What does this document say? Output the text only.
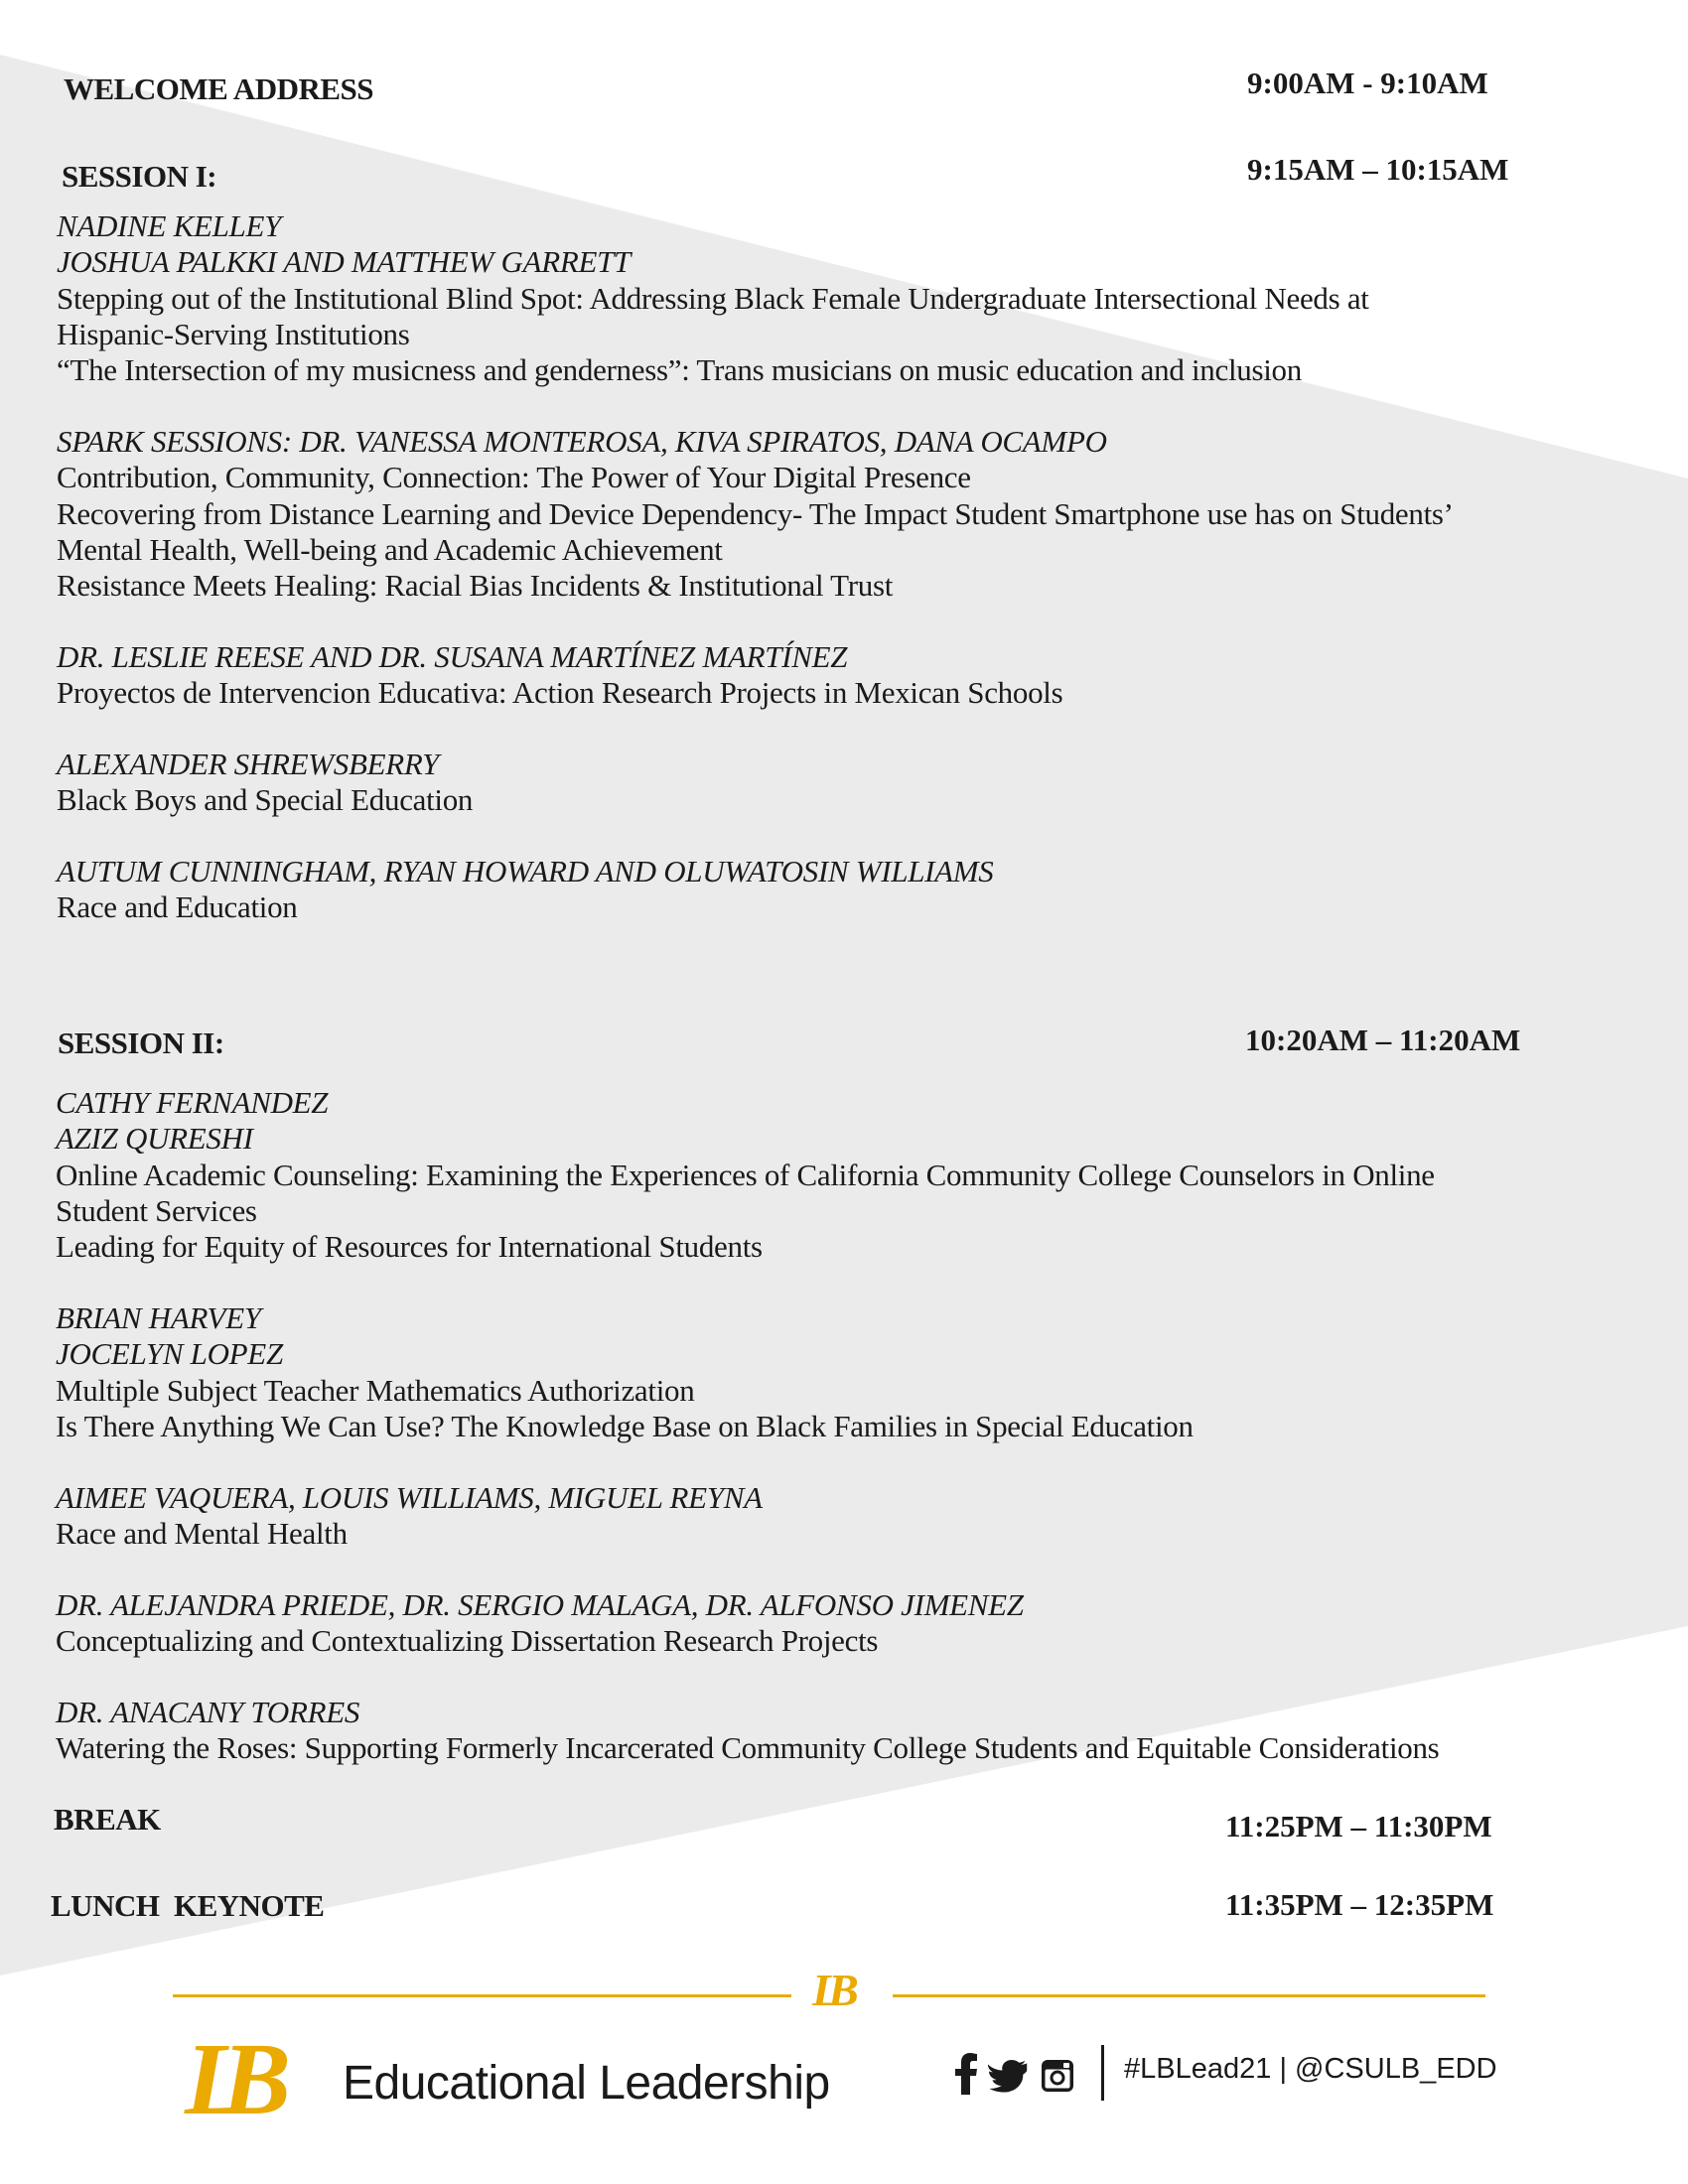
WELCOME ADDRESS	9:00AM - 9:10AM
SESSION I:	9:15AM – 10:15AM
NADINE KELLEY
JOSHUA PALKKI AND MATTHEW GARRETT
Stepping out of the Institutional Blind Spot: Addressing Black Female Undergraduate Intersectional Needs at
Hispanic-Serving Institutions
“The Intersection of my musicness and genderness”: Trans musicians on music education and inclusion
SPARK SESSIONS: DR. VANESSA MONTEROSA, KIVA SPIRATOS, DANA OCAMPO
Contribution, Community, Connection: The Power of Your Digital Presence
Recovering from Distance Learning and Device Dependency- The Impact Student Smartphone use has on Students’
Mental Health, Well-being and Academic Achievement
Resistance Meets Healing: Racial Bias Incidents & Institutional Trust
DR. LESLIE REESE AND DR. SUSANA MARTÍNEZ MARTÍNEZ
Proyectos de Intervencion Educativa: Action Research Projects in Mexican Schools
ALEXANDER SHREWSBERRY
Black Boys and Special Education
AUTUM CUNNINGHAM, RYAN HOWARD AND OLUWATOSIN WILLIAMS
Race and Education
SESSION II:	10:20AM – 11:20AM
CATHY FERNANDEZ
AZIZ QURESHI
Online Academic Counseling: Examining the Experiences of California Community College Counselors in Online
Student Services
Leading for Equity of Resources for International Students
BRIAN HARVEY
JOCELYN LOPEZ
Multiple Subject Teacher Mathematics Authorization
Is There Anything We Can Use? The Knowledge Base on Black Families in Special Education
AIMEE VAQUERA, LOUIS WILLIAMS, MIGUEL REYNA
Race and Mental Health
DR. ALEJANDRA PRIEDE, DR. SERGIO MALAGA, DR. ALFONSO JIMENEZ
Conceptualizing and Contextualizing Dissertation Research Projects
DR. ANACANY TORRES
Watering the Roses: Supporting Formerly Incarcerated Community College Students and Equitable Considerations
BREAK	11:25PM – 11:30PM
LUNCH  KEYNOTE	11:35PM – 12:35PM
LB
LB Educational Leadership	#LBLead21 | @CSULB_EDD
